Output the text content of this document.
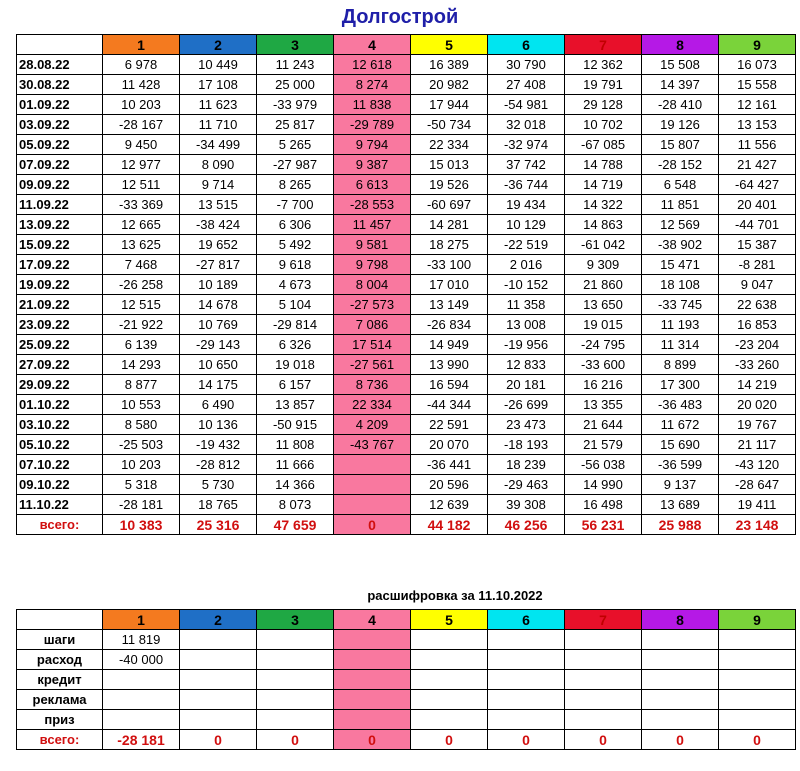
Долгострой
	1	2	3	4	5	6	7	8	9
28.08.22	6 978	10 449	11 243	12 618	16 389	30 790	12 362	15 508	16 073
30.08.22	11 428	17 108	25 000	8 274	20 982	27 408	19 791	14 397	15 558
01.09.22	10 203	11 623	-33 979	11 838	17 944	-54 981	29 128	-28 410	12 161
03.09.22	-28 167	11 710	25 817	-29 789	-50 734	32 018	10 702	19 126	13 153
05.09.22	9 450	-34 499	5 265	9 794	22 334	-32 974	-67 085	15 807	11 556
07.09.22	12 977	8 090	-27 987	9 387	15 013	37 742	14 788	-28 152	21 427
09.09.22	12 511	9 714	8 265	6 613	19 526	-36 744	14 719	6 548	-64 427
11.09.22	-33 369	13 515	-7 700	-28 553	-60 697	19 434	14 322	11 851	20 401
13.09.22	12 665	-38 424	6 306	11 457	14 281	10 129	14 863	12 569	-44 701
15.09.22	13 625	19 652	5 492	9 581	18 275	-22 519	-61 042	-38 902	15 387
17.09.22	7 468	-27 817	9 618	9 798	-33 100	2 016	9 309	15 471	-8 281
19.09.22	-26 258	10 189	4 673	8 004	17 010	-10 152	21 860	18 108	9 047
21.09.22	12 515	14 678	5 104	-27 573	13 149	11 358	13 650	-33 745	22 638
23.09.22	-21 922	10 769	-29 814	7 086	-26 834	13 008	19 015	11 193	16 853
25.09.22	6 139	-29 143	6 326	17 514	14 949	-19 956	-24 795	11 314	-23 204
27.09.22	14 293	10 650	19 018	-27 561	13 990	12 833	-33 600	8 899	-33 260
29.09.22	8 877	14 175	6 157	8 736	16 594	20 181	16 216	17 300	14 219
01.10.22	10 553	6 490	13 857	22 334	-44 344	-26 699	13 355	-36 483	20 020
03.10.22	8 580	10 136	-50 915	4 209	22 591	23 473	21 644	11 672	19 767
05.10.22	-25 503	-19 432	11 808	-43 767	20 070	-18 193	21 579	15 690	21 117
07.10.22	10 203	-28 812	11 666		-36 441	18 239	-56 038	-36 599	-43 120
09.10.22	5 318	5 730	14 366		20 596	-29 463	14 990	9 137	-28 647
11.10.22	-28 181	18 765	8 073		12 639	39 308	16 498	13 689	19 411
всего:	10 383	25 316	47 659	0	44 182	46 256	56 231	25 988	23 148
расшифровка за 11.10.2022
	1	2	3	4	5	6	7	8	9
шаги	11 819								
расход	-40 000								
кредит									
реклама									
приз									
всего:	-28 181	0	0	0	0	0	0	0	0
